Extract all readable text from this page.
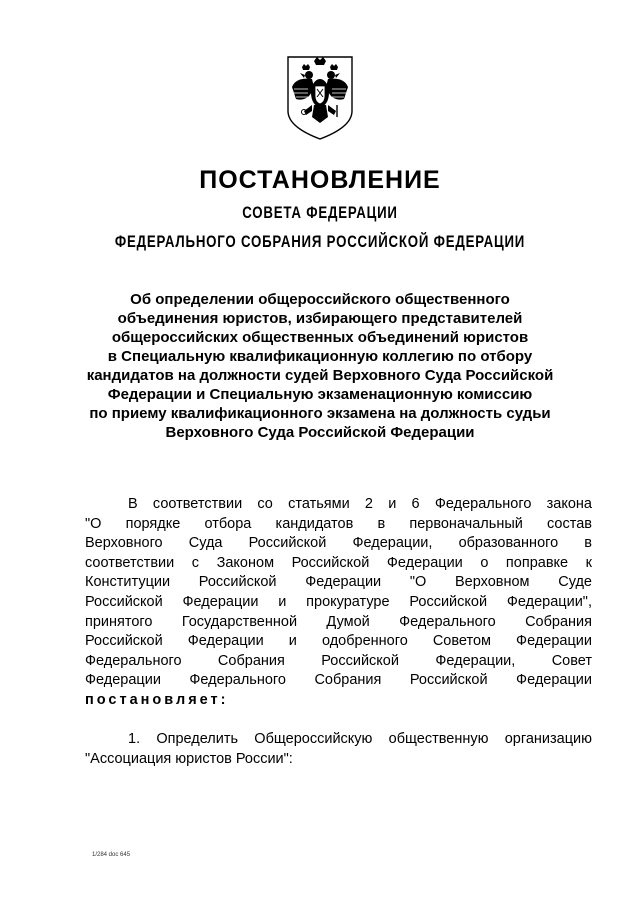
ПОСТАНОВЛЕНИЕ
СОВЕТА ФЕДЕРАЦИИ
ФЕДЕРАЛЬНОГО СОБРАНИЯ РОССИЙСКОЙ ФЕДЕРАЦИИ
Об определении общероссийского общественного
объединения юристов, избирающего представителей
общероссийских общественных объединений юристов
в Специальную квалификационную коллегию по отбору
кандидатов на должности судей Верховного Суда Российской
Федерации и Специальную экзаменационную комиссию
по приему квалификационного экзамена на должность судьи
Верховного Суда Российской Федерации
В соответствии со статьями 2 и 6 Федерального закона
"О порядке отбора кандидатов в первоначальный состав
Верховного Суда Российской Федерации, образованного в
соответствии с Законом Российской Федерации о поправке к
Конституции Российской Федерации "О Верховном Суде
Российской Федерации и прокуратуре Российской Федерации",
принятого Государственной Думой Федерального Собрания
Российской Федерации и одобренного Советом Федерации
Федерального Собрания Российской Федерации, Совет
Федерации Федерального Собрания Российской Федерации
постановляет:
1. Определить Общероссийскую общественную организацию
"Ассоциация юристов России":
1/284 doc 645
